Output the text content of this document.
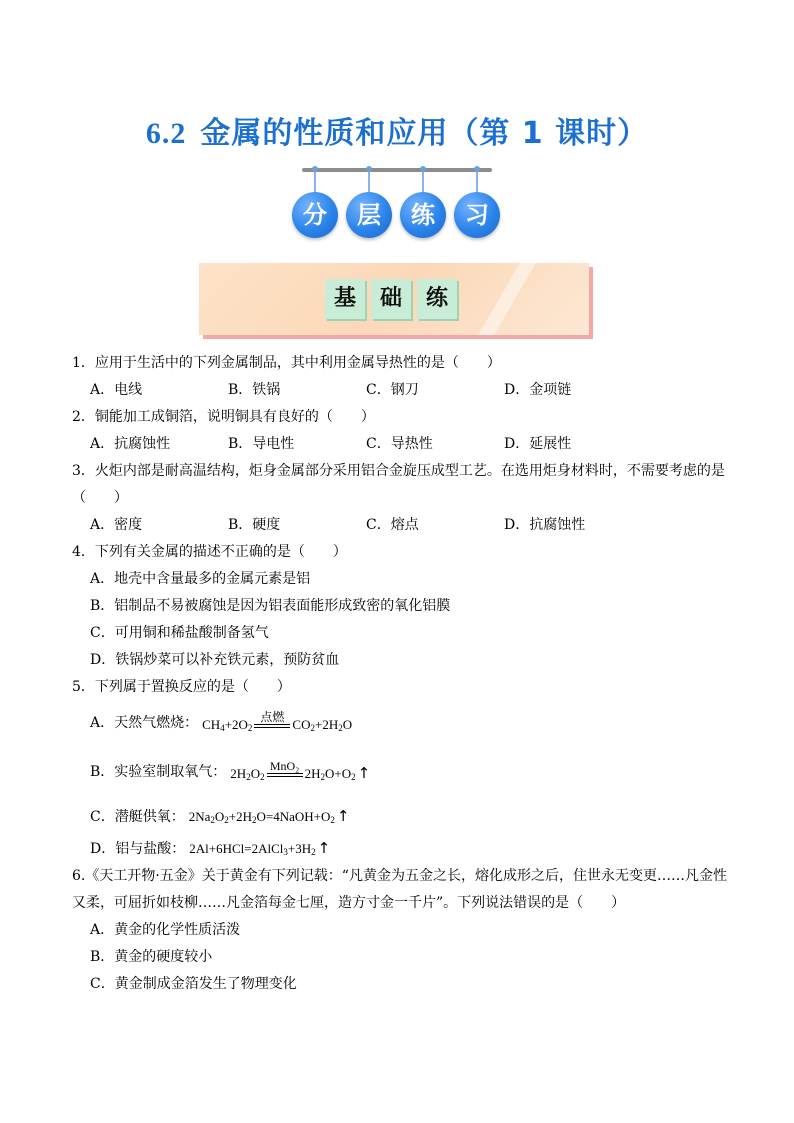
6.2 金属的性质和应用（第 1 课时）
分	层	练	习
基	础	练
1．应用于生活中的下列金属制品，其中利用金属导热性的是（　　）
A．电线	B．铁锅	C．钢刀	D．金项链
2．铜能加工成铜箔，说明铜具有良好的（　　）
A．抗腐蚀性	B．导电性	C．导热性	D．延展性
3．火炬内部是耐高温结构，炬身金属部分采用铝合金旋压成型工艺。在选用炬身材料时，不需要考虑的是
（　　）
A．密度	B．硬度	C．熔点	D．抗腐蚀性
4．下列有关金属的描述不正确的是（　　）
A．地壳中含量最多的金属元素是铝
B．铝制品不易被腐蚀是因为铝表面能形成致密的氧化铝膜
C．可用铜和稀盐酸制备氢气
D．铁锅炒菜可以补充铁元素，预防贫血
5．下列属于置换反应的是（　　）
A．天然气燃烧： CH 4 +2O 2
点燃 $CO_2 +2H$ 2 O
B．实验室制取氧气： 2H 2 O 2
MnO₂ $2H_2$ O+O 2 ↑
C．潜艇供氧： 2Na 2 O 2 +2H 2 O=4NaOH+O 2 ↑
D．铝与盐酸： 2Al+6HCl=2AlCl 3 +3H 2 ↑
6.《天工开物·五金》关于黄金有下列记载：“凡黄金为五金之长，熔化成形之后，住世永无变更……凡金性
又柔，可屈折如枝柳……凡金箔每金七厘，造方寸金一千片”。下列说法错误的是（　　）
A．黄金的化学性质活泼
B．黄金的硬度较小
C．黄金制成金箔发生了物理变化
